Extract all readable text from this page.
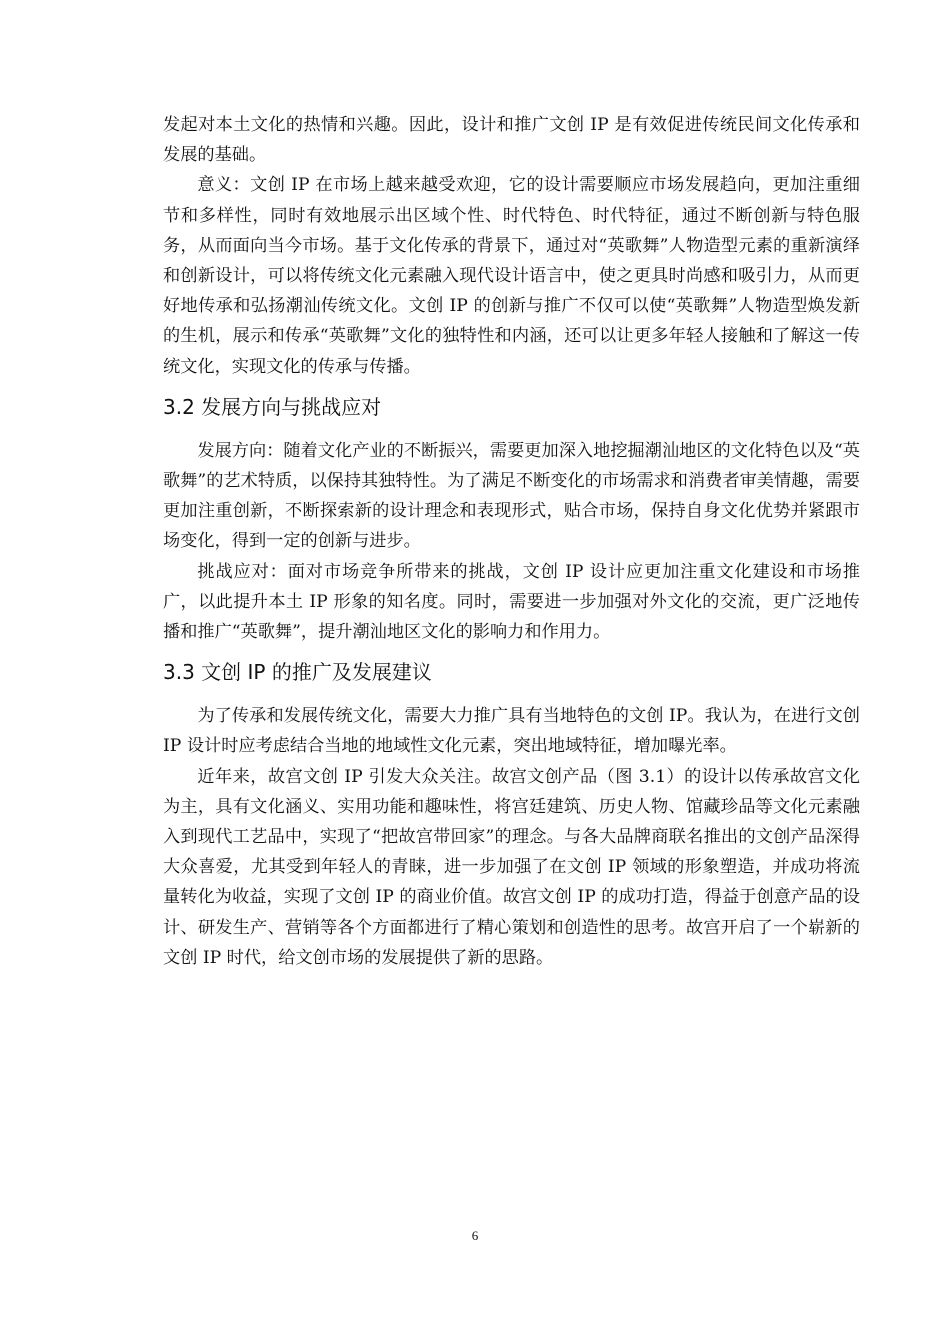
发起对本土文化的热情和兴趣。因此，设计和推广文创 IP 是有效促进传统民间文化传承和发展的基础。

意义：文创 IP 在市场上越来越受欢迎，它的设计需要顺应市场发展趋向，更加注重细节和多样性，同时有效地展示出区域个性、时代特色、时代特征，通过不断创新与特色服务，从而面向当今市场。基于文化传承的背景下，通过对“英歌舞”人物造型元素的重新演绎和创新设计，可以将传统文化元素融入现代设计语言中，使之更具时尚感和吸引力，从而更好地传承和弘扬潮汕传统文化。文创 IP 的创新与推广不仅可以使“英歌舞”人物造型焕发新的生机，展示和传承“英歌舞”文化的独特性和内涵，还可以让更多年轻人接触和了解这一传统文化，实现文化的传承与传播。

3.2 发展方向与挑战应对

发展方向：随着文化产业的不断振兴，需要更加深入地挖掘潮汕地区的文化特色以及“英歌舞”的艺术特质，以保持其独特性。为了满足不断变化的市场需求和消费者审美情趣，需要更加注重创新，不断探索新的设计理念和表现形式，贴合市场，保持自身文化优势并紧跟市场变化，得到一定的创新与进步。

挑战应对：面对市场竞争所带来的挑战，文创 IP 设计应更加注重文化建设和市场推广，以此提升本土 IP 形象的知名度。同时，需要进一步加强对外文化的交流，更广泛地传播和推广“英歌舞”，提升潮汕地区文化的影响力和作用力。

3.3 文创 IP 的推广及发展建议

为了传承和发展传统文化，需要大力推广具有当地特色的文创 IP。我认为，在进行文创 IP 设计时应考虑结合当地的地域性文化元素，突出地域特征，增加曝光率。

近年来，故宫文创 IP 引发大众关注。故宫文创产品（图 3.1）的设计以传承故宫文化为主，具有文化涵义、实用功能和趣味性，将宫廷建筑、历史人物、馆藏珍品等文化元素融入到现代工艺品中，实现了“把故宫带回家”的理念。与各大品牌商联名推出的文创产品深得大众喜爱，尤其受到年轻人的青睐，进一步加强了在文创 IP 领域的形象塑造，并成功将流量转化为收益，实现了文创 IP 的商业价值。故宫文创 IP 的成功打造，得益于创意产品的设计、研发生产、营销等各个方面都进行了精心策划和创造性的思考。故宫开启了一个崭新的文创 IP 时代，给文创市场的发展提供了新的思路。

6
